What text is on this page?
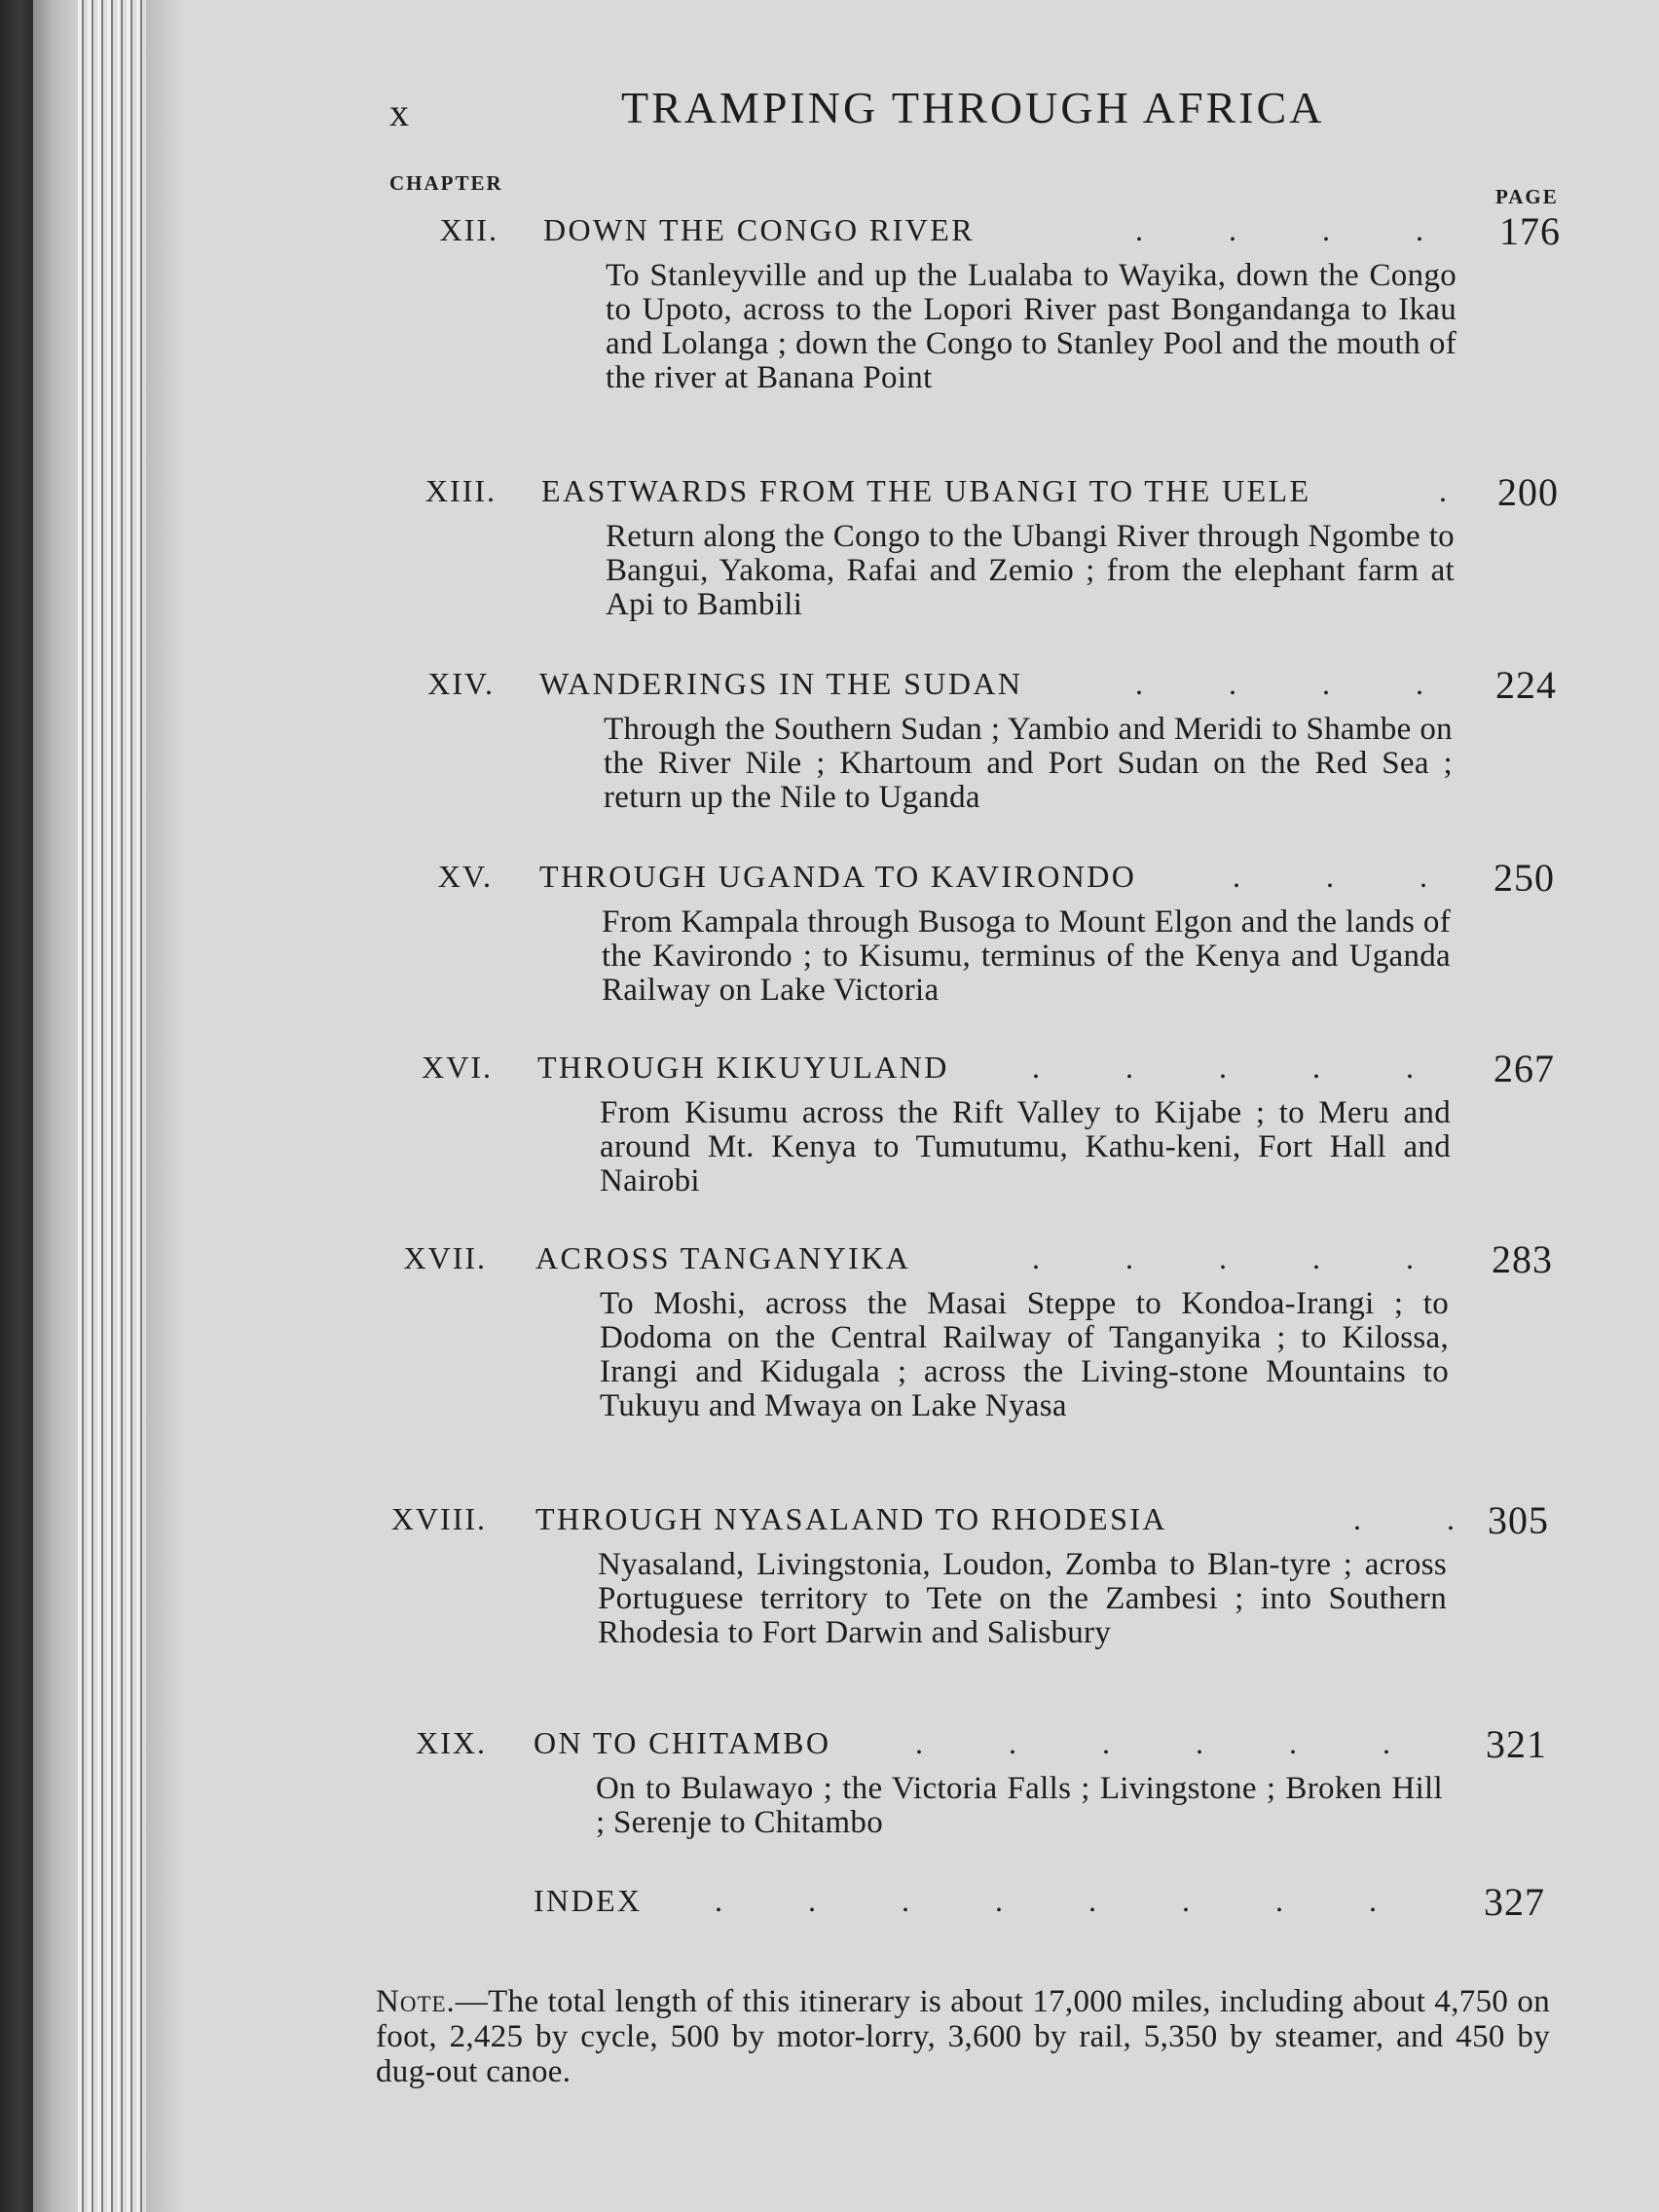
x	TRAMPING THROUGH AFRICA
CHAPTER
PAGE
XII. DOWN THE CONGO RIVER	.           .           .           .	176
To Stanleyville and up the Lualaba to Wayika, down the Congo to Upoto, across to the Lopori River past Bongandanga to Ikau and Lolanga ; down the Congo to Stanley Pool and the mouth of the river at Banana Point
XIII. EASTWARDS FROM THE UBANGI TO THE UELE	.	200
Return along the Congo to the Ubangi River through Ngombe to Bangui, Yakoma, Rafai and Zemio ; from the elephant farm at Api to Bambili
XIV. WANDERINGS IN THE SUDAN	.           .           .           .	224
Through the Southern Sudan ; Yambio and Meridi to Shambe on the River Nile ; Khartoum and Port Sudan on the Red Sea ; return up the Nile to Uganda
XV. THROUGH UGANDA TO KAVIRONDO	.           .           .	250
From Kampala through Busoga to Mount Elgon and the lands of the Kavirondo ; to Kisumu, terminus of the Kenya and Uganda Railway on Lake Victoria
XVI. THROUGH KIKUYULAND	.           .           .           .           .	267
From Kisumu across the Rift Valley to Kijabe ; to Meru and around Mt. Kenya to Tumutumu, Kathu-keni, Fort Hall and Nairobi
XVII. ACROSS TANGANYIKA	.           .           .           .           .	283
To Moshi, across the Masai Steppe to Kondoa-Irangi ; to Dodoma on the Central Railway of Tanganyika ; to Kilossa, Irangi and Kidugala ; across the Living-stone Mountains to Tukuyu and Mwaya on Lake Nyasa
XVIII. THROUGH NYASALAND TO RHODESIA	.           . 305
Nyasaland, Livingstonia, Loudon, Zomba to Blan-tyre ; across Portuguese territory to Tete on the Zambesi ; into Southern Rhodesia to Fort Darwin and Salisbury
XIX. ON TO CHITAMBO	.           .           .           .           .           .	321
On to Bulawayo ; the Victoria Falls ; Livingstone ; Broken Hill ; Serenje to Chitambo
INDEX .           .           .           .           .           .           .           .	327
Note.—The total length of this itinerary is about 17,000 miles, including about 4,750 on foot, 2,425 by cycle, 500 by motor-lorry, 3,600 by rail, 5,350 by steamer, and 450 by dug-out canoe.
